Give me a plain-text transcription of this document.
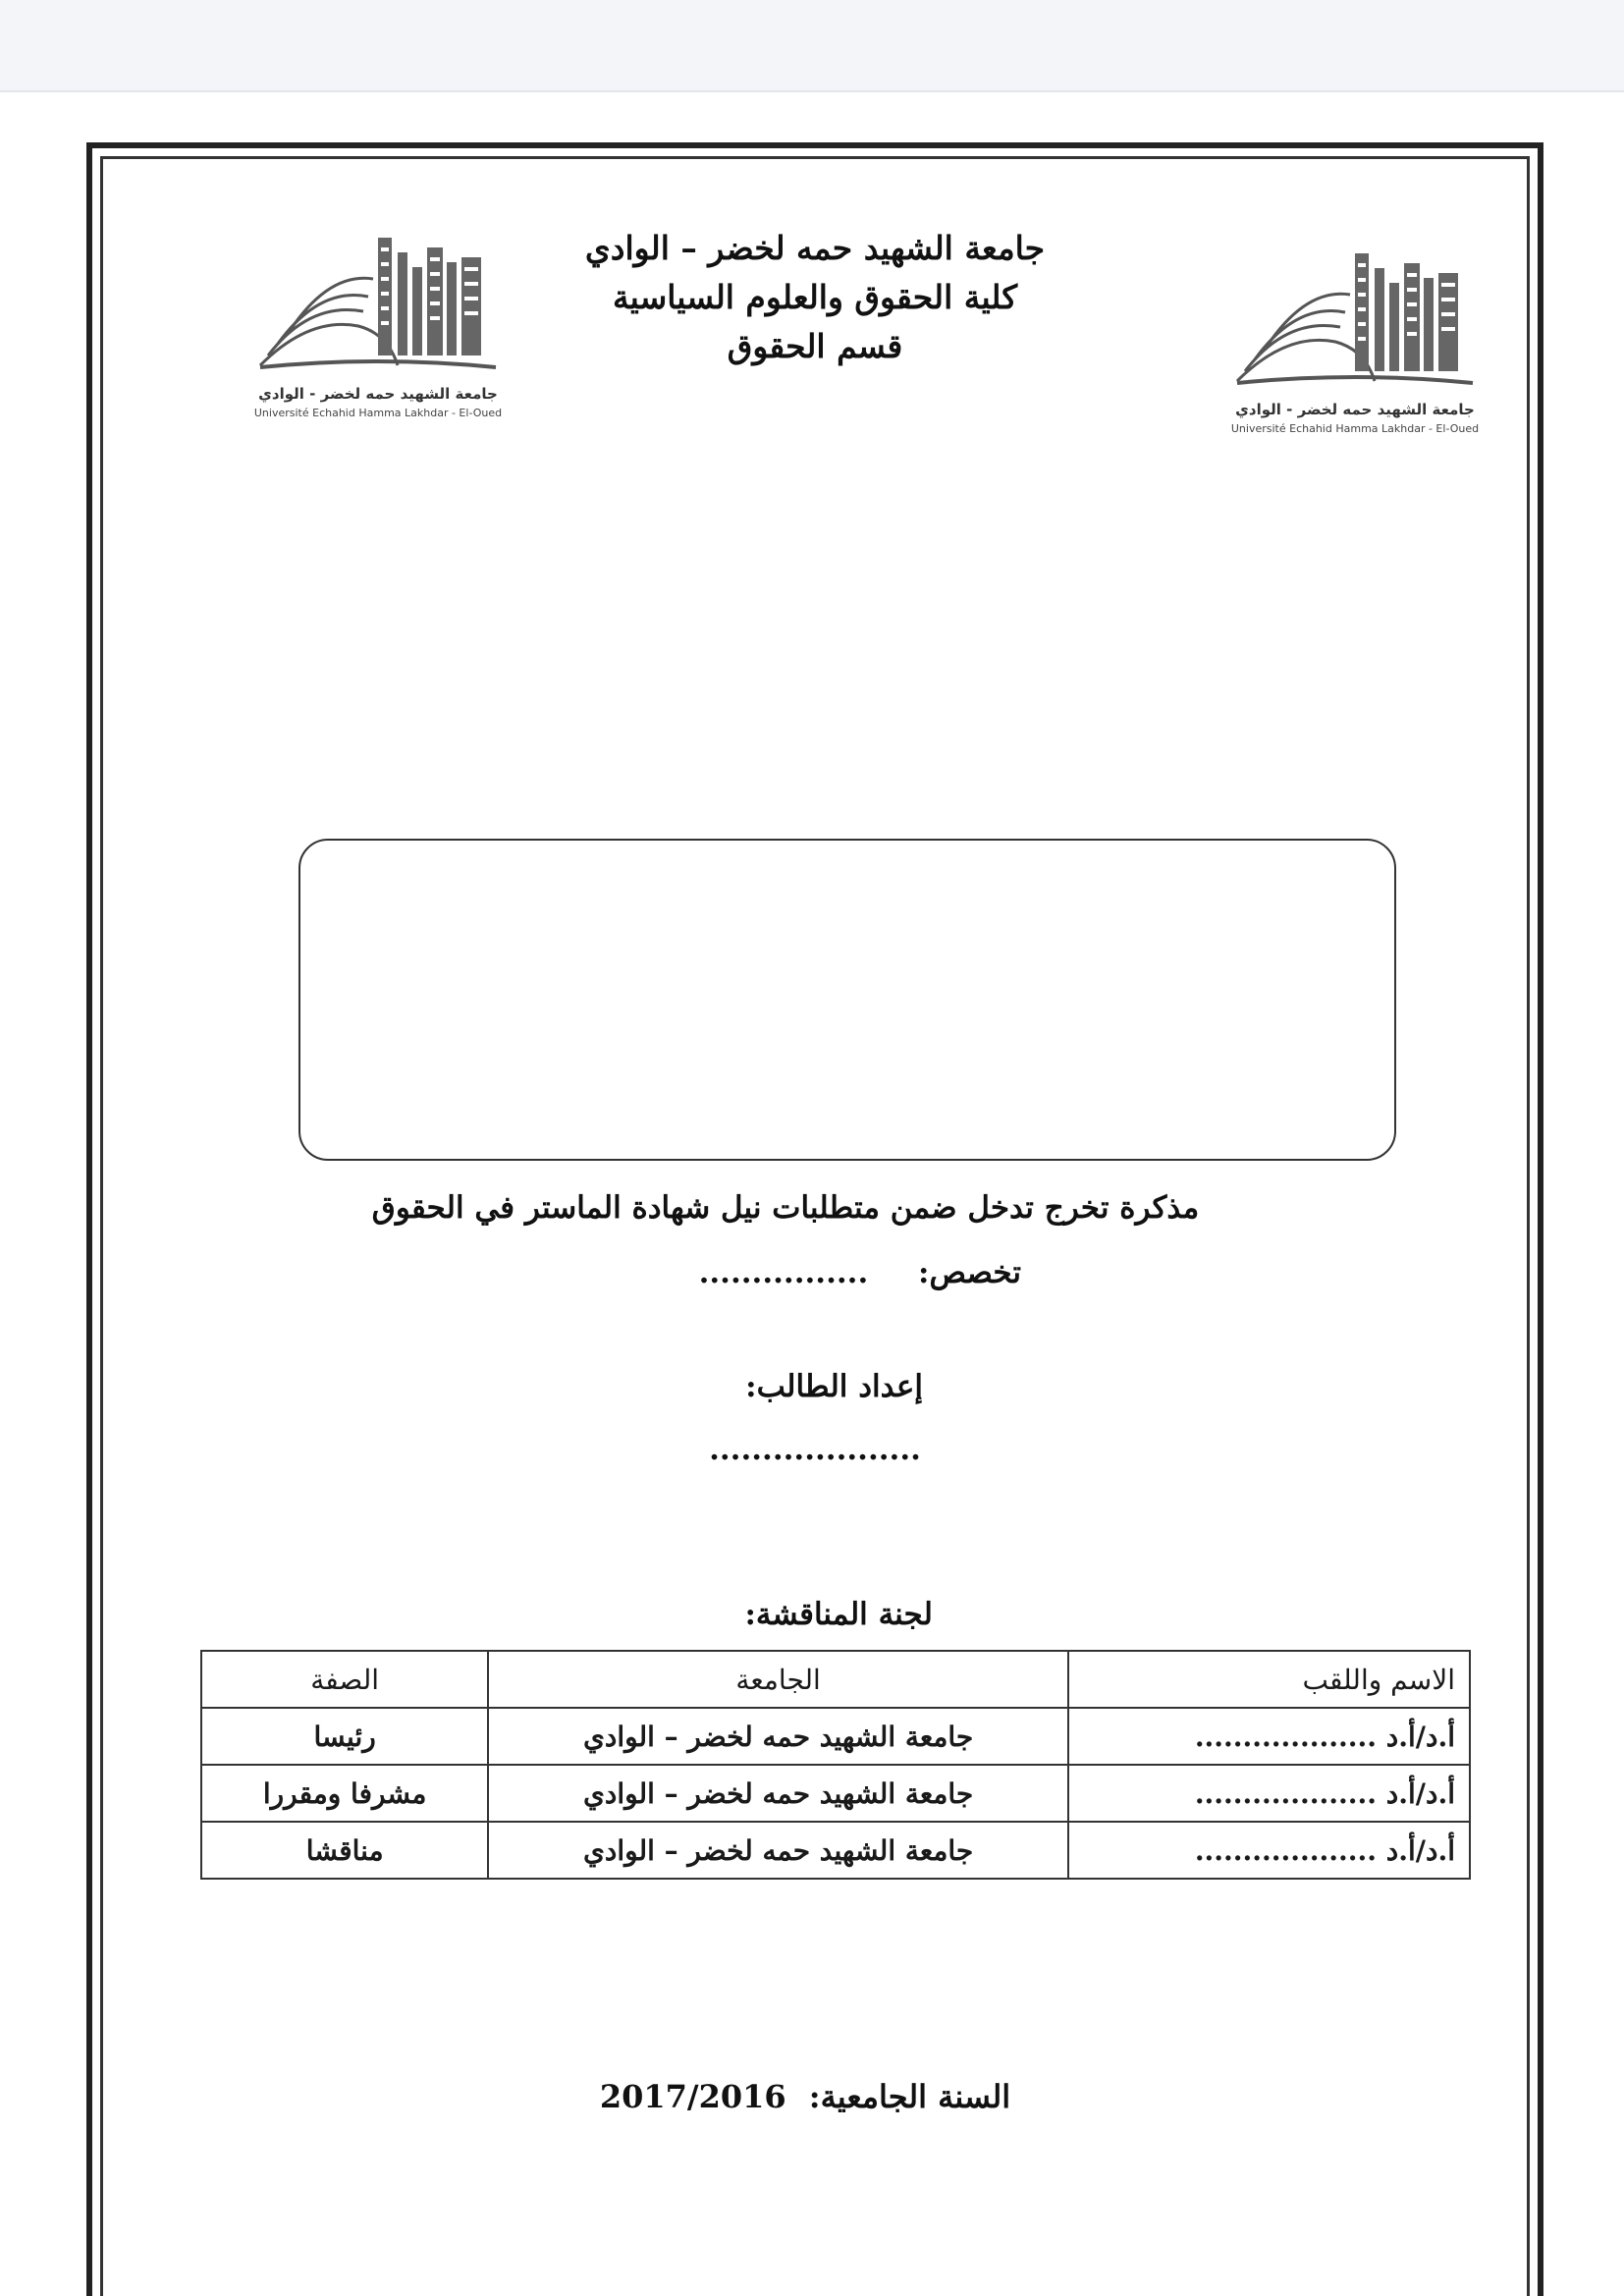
جامعة الشهيد حمه لخضر - الوادي
Université Echahid Hamma Lakhdar - El-Oued	جامعة الشهيد حمه لخضر - الوادي
Université Echahid Hamma Lakhdar - El-Oued
جامعة الشهيد حمه لخضر – الوادي
كلية الحقوق والعلوم السياسية
قسم الحقوق
مذكرة تخرج تدخل ضمن متطلبات نيل شهادة الماستر في الحقوق
تخصص: ................
إعداد الطالب:
....................
لجنة المناقشة:
الاسم واللقب	الجامعة	الصفة
أ.د/أ.د ...................	جامعة الشهيد حمه لخضر – الوادي	رئيسا
أ.د/أ.د ...................	جامعة الشهيد حمه لخضر – الوادي	مشرفا ومقررا
أ.د/أ.د ...................	جامعة الشهيد حمه لخضر – الوادي	مناقشا
السنة الجامعية: 2017/2016
